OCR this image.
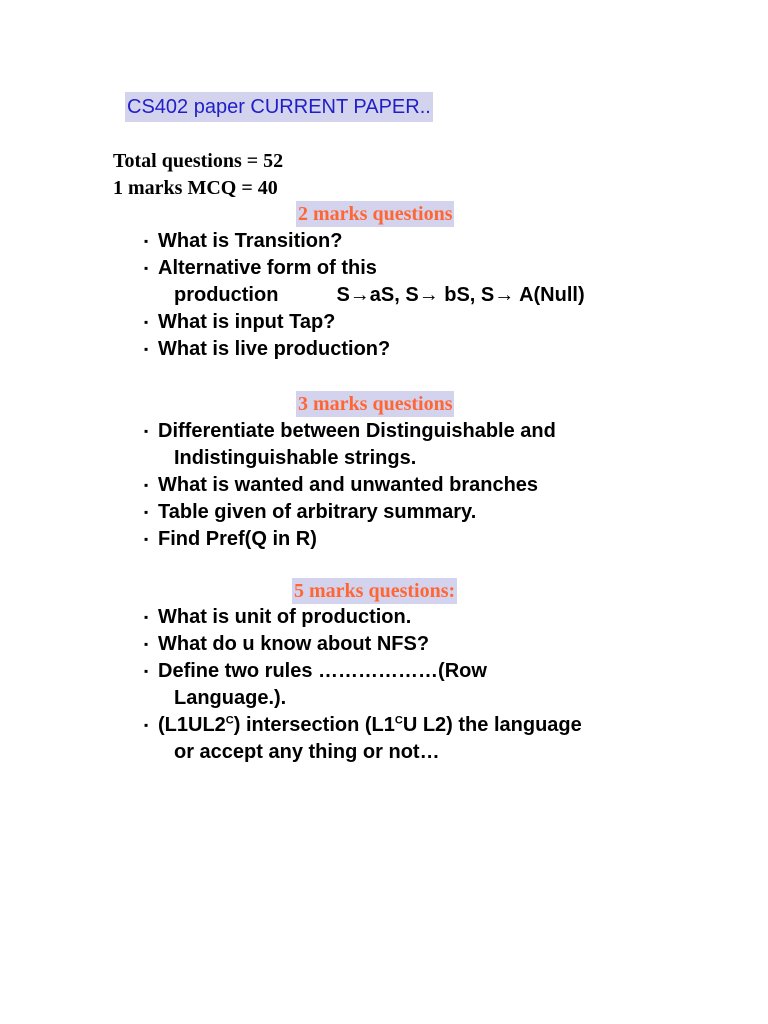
CS402 paper CURRENT PAPER..
Total questions = 52
1 marks MCQ = 40
2 marks questions
▪ What is Transition?
▪ Alternative form of this
production	S→aS, S→ bS, S→ A(Null)
▪ What is input Tap?
▪ What is live production?
3 marks questions
▪ Differentiate between Distinguishable and
Indistinguishable strings.
▪ What is wanted and unwanted branches
▪ Table given of arbitrary summary.
▪ Find Pref(Q in R)
5 marks questions:
▪ What is unit of production.
▪ What do u know about NFS?
▪ Define two rules ………………(Row
Language.).
▪ $(L1UL2^C)$ intersection ($L1^CU$ L2) the language
or accept any thing or not…
